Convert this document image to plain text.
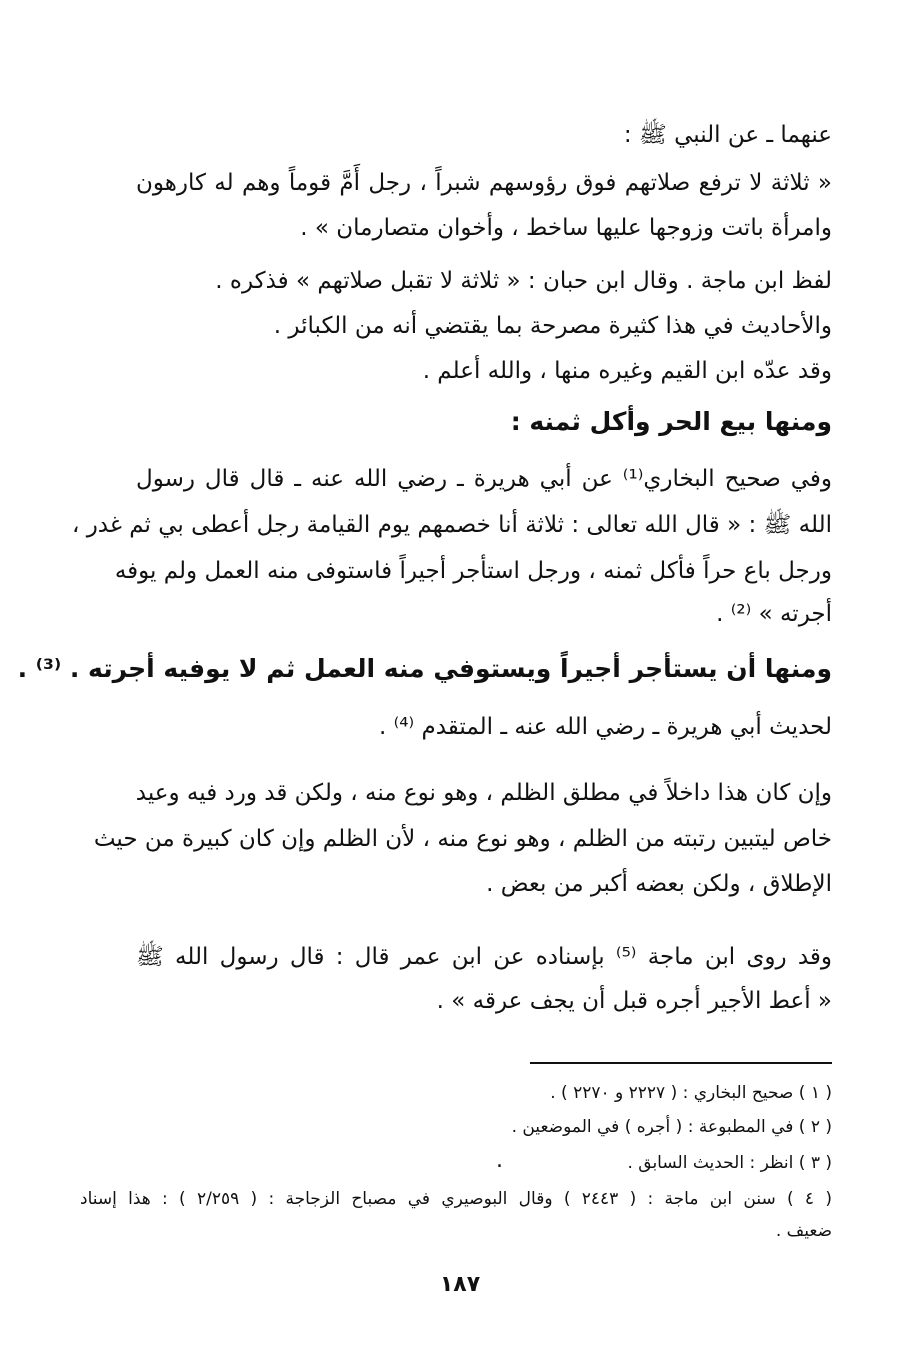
عنهما ـ عن النبي ﷺ :
« ثلاثة لا ترفع صلاتهم فوق رؤوسهم شبراً ، رجل أَمَّ قوماً وهم له كارهون
وامرأة باتت وزوجها عليها ساخط ، وأخوان متصارمان » .
لفظ ابن ماجة . وقال ابن حبان : « ثلاثة لا تقبل صلاتهم » فذكره .
والأحاديث في هذا كثيرة مصرحة بما يقتضي أنه من الكبائر .
وقد عدّه ابن القيم وغيره منها ، والله أعلم .
ومنها بيع الحر وأكل ثمنه :
وفي صحيح البخاري⁽¹⁾ عن أبي هريرة ـ رضي الله عنه ـ قال قال رسول
الله ﷺ : « قال الله تعالى : ثلاثة أنا خصمهم يوم القيامة رجل أعطى بي ثم غدر ،
ورجل باع حراً فأكل ثمنه ، ورجل استأجر أجيراً فاستوفى منه العمل ولم يوفه
أجرته » ⁽²⁾ .
ومنها أن يستأجر أجيراً ويستوفي منه العمل ثم لا يوفيه أجرته . ⁽³⁾ .
لحديث أبي هريرة ـ رضي الله عنه ـ المتقدم ⁽⁴⁾ .
وإن كان هذا داخلاً في مطلق الظلم ، وهو نوع منه ، ولكن قد ورد فيه وعيد
خاص ليتبين رتبته من الظلم ، وهو نوع منه ، لأن الظلم وإن كان كبيرة من حيث
الإطلاق ، ولكن بعضه أكبر من بعض .
وقد روى ابن ماجة ⁽⁵⁾ بإسناده عن ابن عمر قال : قال رسول الله ﷺ
« أعط الأجير أجره قبل أن يجف عرقه » .
( ١ ) صحيح البخاري : ( ٢٢٢٧ و ٢٢٧٠ ) .
( ٢ ) في المطبوعة : ( أجره ) في الموضعين .
( ٣ ) انظر : الحديث السابق .
.
( ٤ ) سنن ابن ماجة : ( ٢٤٤٣ ) وقال البوصيري في مصباح الزجاجة : ( ٢/٢٥٩ ) : هذا إسناد
ضعيف .
١٨٧
